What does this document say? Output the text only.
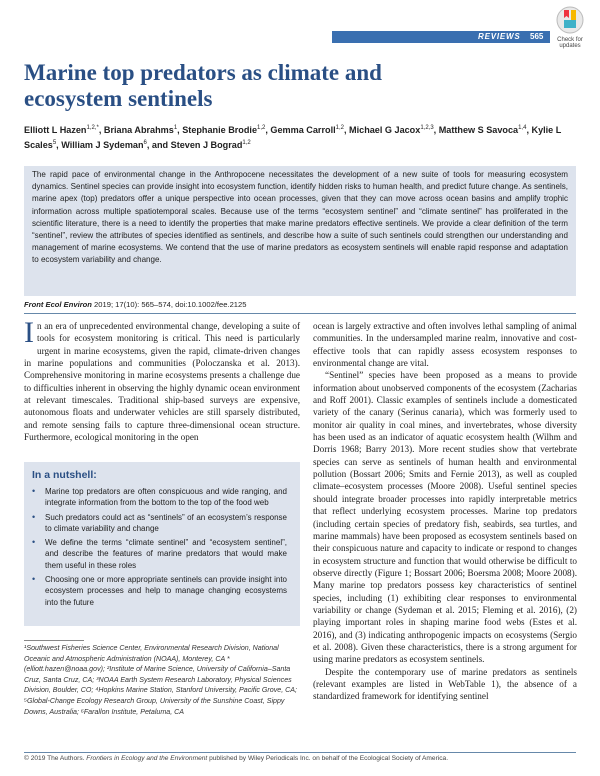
REVIEWS 565	Check for updates
Marine top predators as climate and ecosystem sentinels
Elliott L Hazen$^{1,2,*}$, Briana Abrahms$^1$, Stephanie Brodie$^{1,2}$, Gemma Carroll$^{1,2}$, Michael G Jacox$^{1,2,3}$, Matthew S Savoca$^{1,4}$, Kylie L Scales$^5$, William J Sydeman$^6$, and Steven J Bograd$^{1,2}$

The rapid pace of environmental change in the Anthropocene necessitates the development of a new suite of tools for measuring ecosystem dynamics. Sentinel species can provide insight into ecosystem function, identify hidden risks to human health, and predict future change. As sentinels, marine apex (top) predators offer a unique perspective into ocean processes, given that they can move across ocean basins and amplify trophic information across multiple spatiotemporal scales. Because use of the terms “ecosystem sentinel” and “climate sentinel” has proliferated in the scientific literature, there is a need to identify the properties that make marine predators effective sentinels. We provide a clear definition of the term “sentinel”, review the attributes of species identified as sentinels, and describe how a suite of such sentinels could strengthen our understanding and management of marine ecosystems. We contend that the use of marine predators as ecosystem sentinels will enable rapid response and adaptation to ecosystem variability and change.

Front Ecol Environ 2019; 17(10): 565–574, doi:10.1002/fee.2125

In an era of unprecedented environmental change, developing a suite of tools for ecosystem monitoring is critical. This need is particularly urgent in marine ecosystems, given the rapid, climate-driven changes in marine populations and communities (Poloczanska et al. 2013). Comprehensive monitoring in marine ecosystems presents a challenge due to difficulties inherent in observing the highly dynamic ocean environment at relevant timescales. Traditional ship-based surveys are expensive, autonomous floats and underwater vehicles are still sparsely distributed, and remote sensing fails to capture three-dimensional ocean structure. Furthermore, ecological monitoring in the open

In a nutshell:
• Marine top predators are often conspicuous and wide ranging, and integrate information from the bottom to the top of the food web
• Such predators could act as “sentinels” of an ecosystem’s response to climate variability and change
• We define the terms “climate sentinel” and “ecosystem sentinel”, and describe the features of marine predators that would make them useful in these roles
• Choosing one or more appropriate sentinels can provide insight into ecosystem processes and help to manage changing ecosystems into the future

¹Southwest Fisheries Science Center, Environmental Research Division, National Oceanic and Atmospheric Administration (NOAA), Monterey, CA *(elliott.hazen@noaa.gov); ²Institute of Marine Science, University of California–Santa Cruz, Santa Cruz, CA; ³NOAA Earth System Research Laboratory, Physical Sciences Division, Boulder, CO; ⁴Hopkins Marine Station, Stanford University, Pacific Grove, CA; ⁵Global-Change Ecology Research Group, University of the Sunshine Coast, Sippy Downs, Australia; ⁶Farallon Institute, Petaluma, CA

ocean is largely extractive and often involves lethal sampling of animal communities. In the undersampled marine realm, innovative and cost-effective tools that can rapidly assess ecosystem responses to environmental change are vital.

“Sentinel” species have been proposed as a means to provide information about unobserved components of the ecosystem (Zacharias and Roff 2001). Classic examples of sentinels include a domesticated variety of the canary (Serinus canaria), which was formerly used to monitor air quality in coal mines, and invertebrates, whose diversity has been used as an indicator of aquatic ecosystem health (Wilhm and Dorris 1968; Barry 2013). More recent studies show that vertebrate species can serve as sentinels of human health and environmental pollution (Bossart 2006; Smits and Fernie 2013), as well as coupled climate–ecosystem processes (Moore 2008). Useful sentinel species should integrate broader processes into rapidly interpretable metrics that reflect underlying ecosystem processes. Marine top predators (including certain species of predatory fish, seabirds, sea turtles, and marine mammals) have been proposed as ecosystem sentinels based on their conspicuous nature and capacity to indicate or respond to changes in ecosystem structure and function that would otherwise be difficult to observe directly (Figure 1; Bossart 2006; Boersma 2008; Moore 2008). Many marine top predators possess key characteristics of sentinel species, including (1) exhibiting clear responses to environmental variability or change (Sydeman et al. 2015; Fleming et al. 2016), (2) playing important roles in shaping marine food webs (Estes et al. 2016), and (3) indicating anthropogenic impacts on ecosystems (Sergio et al. 2008). Given these characteristics, there is a strong argument for using marine predators as ecosystem sentinels.

Despite the contemporary use of marine predators as sentinels (relevant examples are listed in WebTable 1), the absence of a standardized framework for identifying sentinel

© 2019 The Authors. Frontiers in Ecology and the Environment published by Wiley Periodicals Inc. on behalf of the Ecological Society of America.
